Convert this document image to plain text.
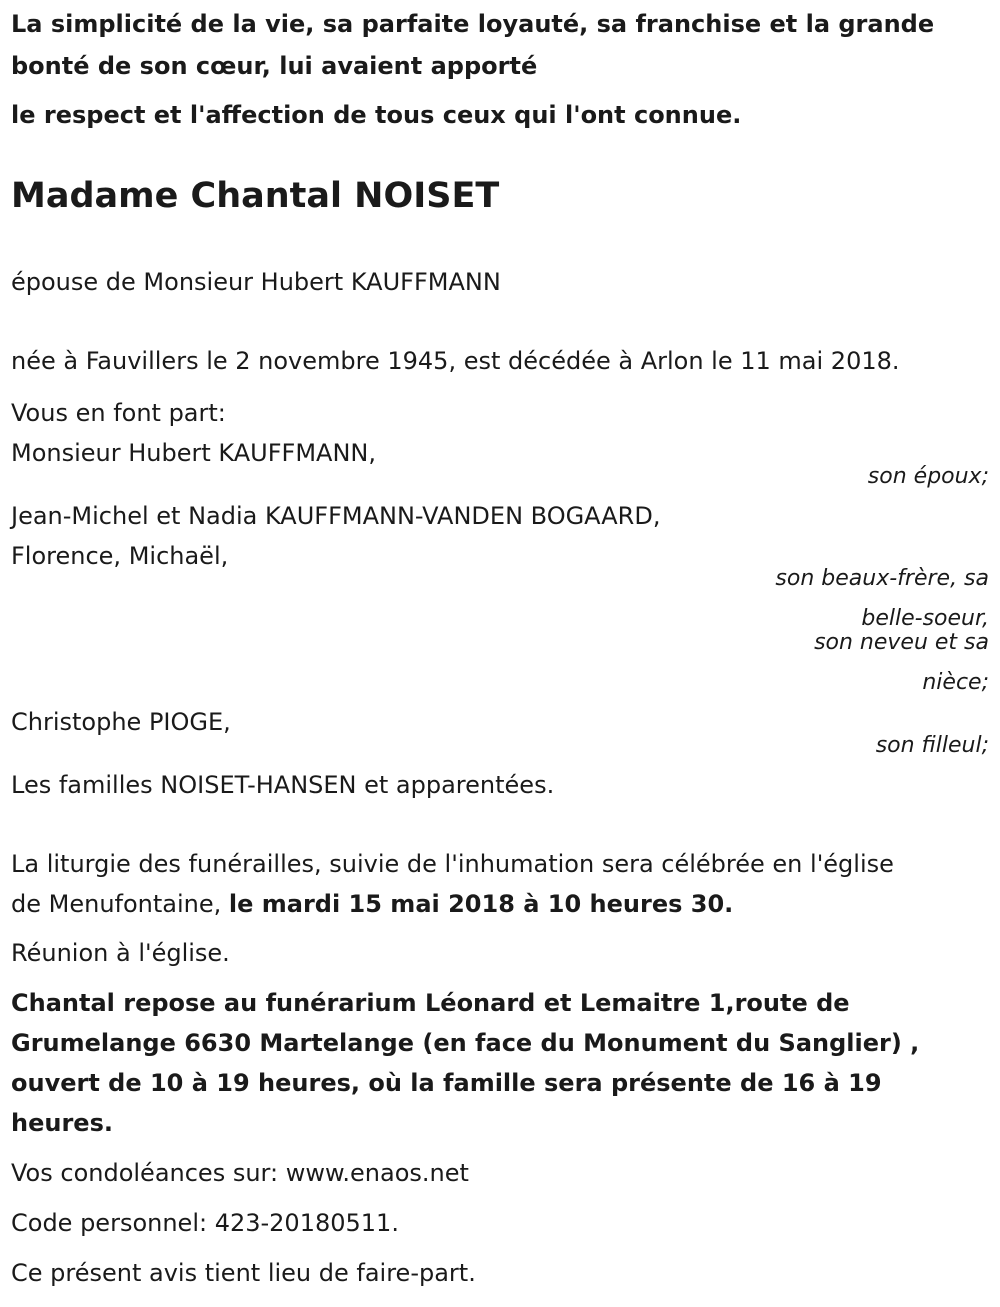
La simplicité de la vie, sa parfaite loyauté, sa franchise et la grande

bonté de son cœur, lui avaient apporté

le respect et l'affection de tous ceux qui l'ont connue.

Madame Chantal NOISET

épouse de Monsieur Hubert KAUFFMANN

née à Fauvillers le 2 novembre 1945, est décédée à Arlon le 11 mai 2018.

Vous en font part:

Monsieur Hubert KAUFFMANN,

son époux;

Jean-Michel et Nadia KAUFFMANN-VANDEN BOGAARD,

Florence, Michaël,

son beaux-frère, sa

belle-soeur,

son neveu et sa

nièce;

Christophe PIOGE,

son filleul;

Les familles NOISET-HANSEN et apparentées.

La liturgie des funérailles, suivie de l'inhumation sera célébrée en l'église

de Menufontaine, le mardi 15 mai 2018 à 10 heures 30.

Réunion à l'église.

Chantal repose au funérarium Léonard et Lemaitre 1,route de

Grumelange 6630 Martelange (en face du Monument du Sanglier) ,

ouvert de 10 à 19 heures, où la famille sera présente de 16 à 19

heures.

Vos condoléances sur: www.enaos.net

Code personnel: 423-20180511.

Ce présent avis tient lieu de faire-part.
